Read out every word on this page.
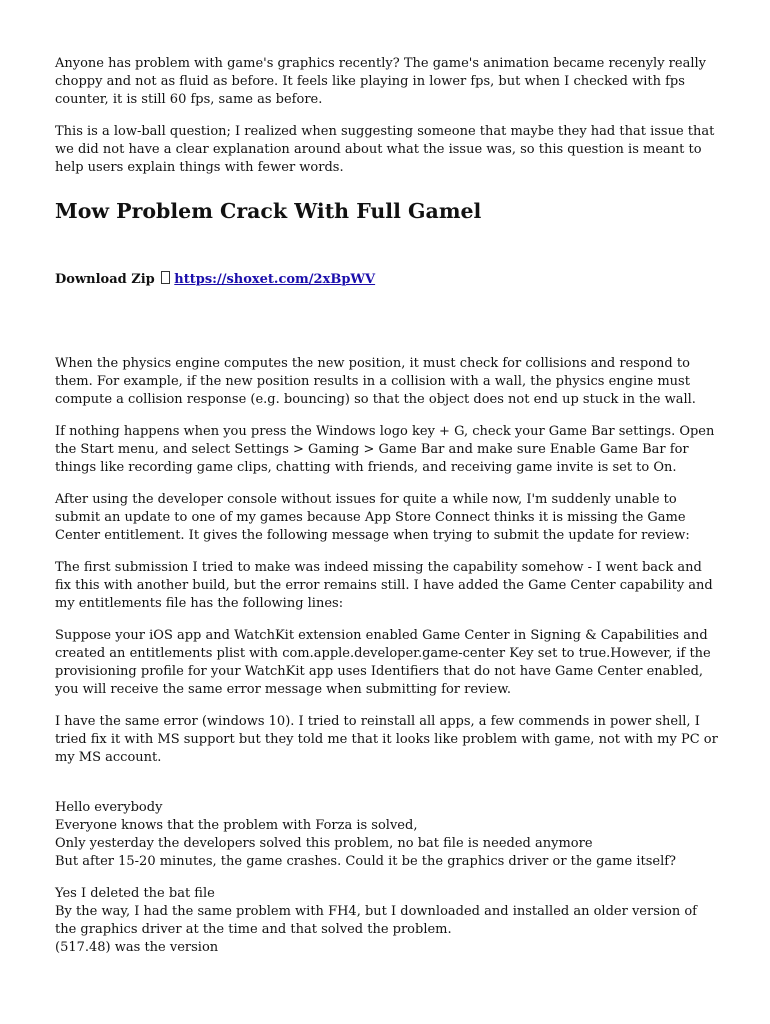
Anyone has problem with game's graphics recently? The game's animation became recenyly really choppy and not as fluid as before. It feels like playing in lower fps, but when I checked with fps counter, it is still 60 fps, same as before.

This is a low-ball question; I realized when suggesting someone that maybe they had that issue that we did not have a clear explanation around about what the issue was, so this question is meant to help users explain things with fewer words.

Mow Problem Crack With Full Gamel
Download Zip https://shoxet.com/2xBpWV

When the physics engine computes the new position, it must check for collisions and respond to them. For example, if the new position results in a collision with a wall, the physics engine must compute a collision response (e.g. bouncing) so that the object does not end up stuck in the wall.

If nothing happens when you press the Windows logo key + G, check your Game Bar settings. Open the Start menu, and select Settings > Gaming > Game Bar and make sure Enable Game Bar for things like recording game clips, chatting with friends, and receiving game invite is set to On.

After using the developer console without issues for quite a while now, I'm suddenly unable to submit an update to one of my games because App Store Connect thinks it is missing the Game Center entitlement. It gives the following message when trying to submit the update for review:

The first submission I tried to make was indeed missing the capability somehow - I went back and fix this with another build, but the error remains still. I have added the Game Center capability and my entitlements file has the following lines:

Suppose your iOS app and WatchKit extension enabled Game Center in Signing & Capabilities and created an entitlements plist with com.apple.developer.game-center Key set to true.However, if the provisioning profile for your WatchKit app uses Identifiers that do not have Game Center enabled, you will receive the same error message when submitting for review.

I have the same error (windows 10). I tried to reinstall all apps, a few commends in power shell, I tried fix it with MS support but they told me that it looks like problem with game, not with my PC or my MS account.

Hello everybody

Everyone knows that the problem with Forza is solved,

Only yesterday the developers solved this problem, no bat file is needed anymore

But after 15-20 minutes, the game crashes. Could it be the graphics driver or the game itself?

Yes I deleted the bat file

By the way, I had the same problem with FH4, but I downloaded and installed an older version of the graphics driver at the time and that solved the problem.

(517.48) was the version
